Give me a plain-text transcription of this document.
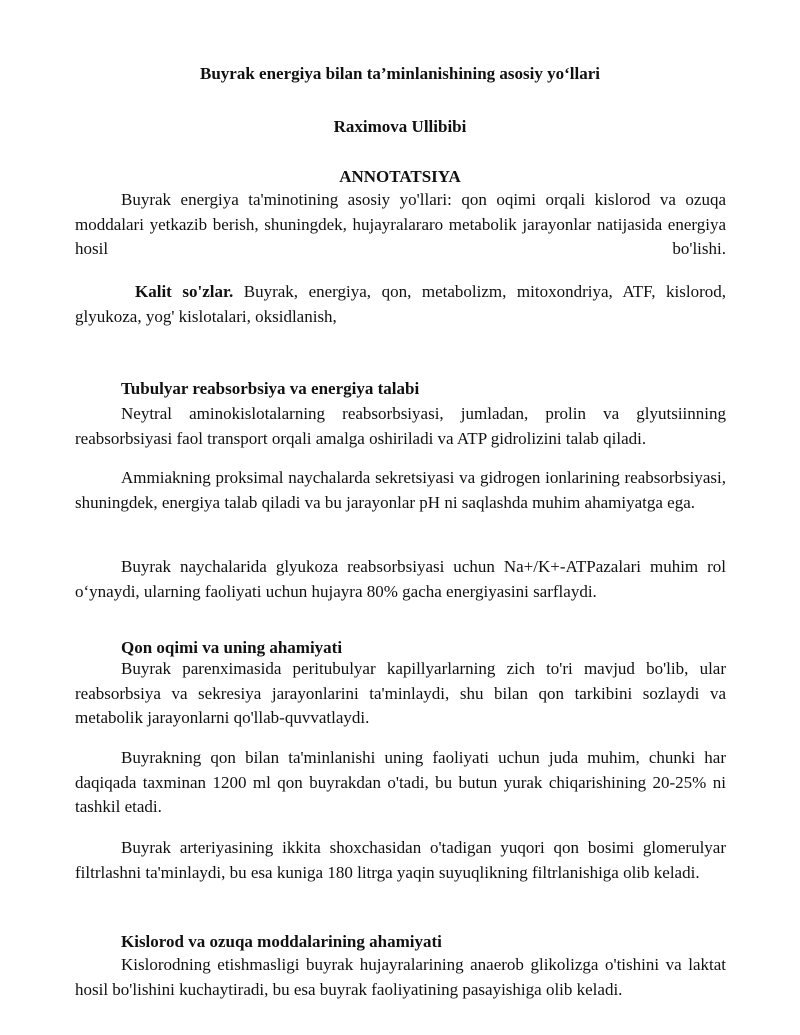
Buyrak energiya bilan ta’minlanishining asosiy yo‘llari
Raximova Ullibibi
ANNOTATSIYA

Buyrak energiya ta'minotining asosiy yo'llari: qon oqimi orqali kislorod va ozuqa moddalari yetkazib berish, shuningdek, hujayralararo metabolik jarayonlar natijasida energiya hosil bo'lishi.

Kalit so'zlar. Buyrak, energiya, qon, metabolizm, mitoxondriya, ATF, kislorod, glyukoza, yog' kislotalari, oksidlanish,

Tubulyar reabsorbsiya va energiya talabi

Neytral aminokislotalarning reabsorbsiyasi, jumladan, prolin va glyutsiinning reabsorbsiyasi faol transport orqali amalga oshiriladi va ATP gidrolizini talab qiladi.

Ammiakning proksimal naychalarda sekretsiyasi va gidrogen ionlarining reabsorbsiyasi, shuningdek, energiya talab qiladi va bu jarayonlar pH ni saqlashda muhim ahamiyatga ega.

Buyrak naychalarida glyukoza reabsorbsiyasi uchun Na+/K+-ATPazalari muhim rol o‘ynaydi, ularning faoliyati uchun hujayra 80% gacha energiyasini sarflaydi.

Qon oqimi va uning ahamiyati

Buyrak parenximasida peritubulyar kapillyarlarning zich to'ri mavjud bo'lib, ular reabsorbsiya va sekresiya jarayonlarini ta'minlaydi, shu bilan qon tarkibini sozlaydi va metabolik jarayonlarni qo'llab-quvvatlaydi.

Buyrakning qon bilan ta'minlanishi uning faoliyati uchun juda muhim, chunki har daqiqada taxminan 1200 ml qon buyrakdan o'tadi, bu butun yurak chiqarishining 20-25% ni tashkil etadi.

Buyrak arteriyasining ikkita shoxchasidan o'tadigan yuqori qon bosimi glomerulyar filtrlashni ta'minlaydi, bu esa kuniga 180 litrga yaqin suyuqlikning filtrlanishiga olib keladi.

Kislorod va ozuqa moddalarining ahamiyati

Kislorodning etishmasligi buyrak hujayralarining anaerob glikolizga o'tishini va laktat hosil bo'lishini kuchaytiradi, bu esa buyrak faoliyatining pasayishiga olib keladi.
